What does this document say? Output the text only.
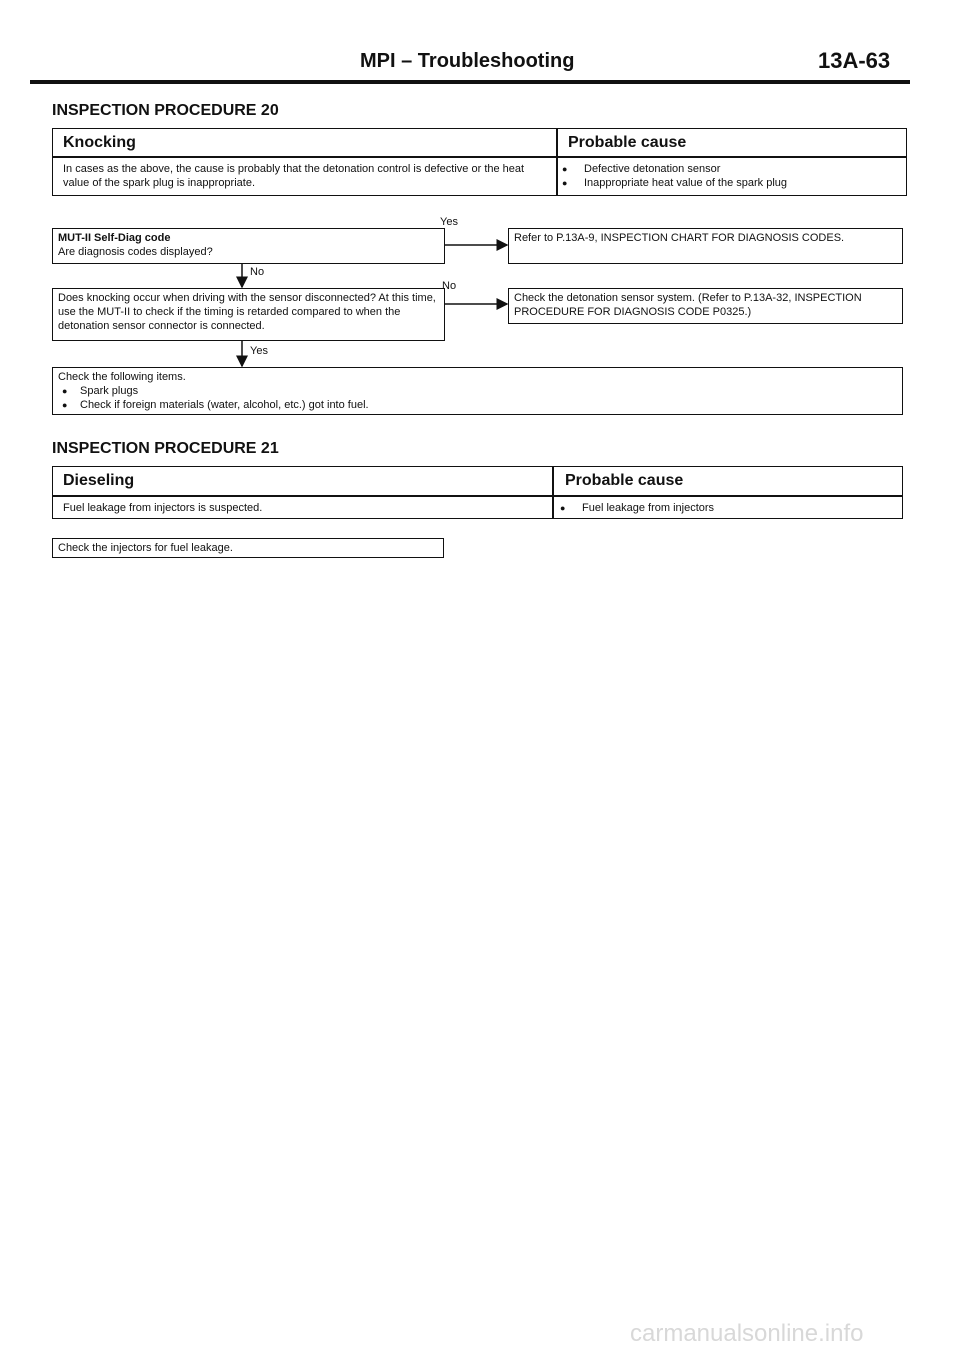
MPI – Troubleshooting	13A-63
INSPECTION PROCEDURE 20
Knocking	Probable cause
In cases as the above, the cause is probably that the detonation control is defective or the heat value of the spark plug is inappropriate.
● Defective detonation sensor
● Inappropriate heat value of the spark plug
MUT-II Self-Diag code
Are diagnosis codes displayed?
Yes
Refer to P.13A-9, INSPECTION CHART FOR DIAGNOSIS CODES.
No
Does knocking occur when driving with the sensor disconnected? At this time, use the MUT-II to check if the timing is retarded compared to when the detonation sensor connector is connected.
No
Check the detonation sensor system. (Refer to P.13A-32, INSPECTION PROCEDURE FOR DIAGNOSIS CODE P0325.)
Yes
Check the following items.
● Spark plugs
● Check if foreign materials (water, alcohol, etc.) got into fuel.
INSPECTION PROCEDURE 21
Dieseling	Probable cause
Fuel leakage from injectors is suspected.
●	Fuel leakage from injectors
Check the injectors for fuel leakage.
carmanualsonline.info
